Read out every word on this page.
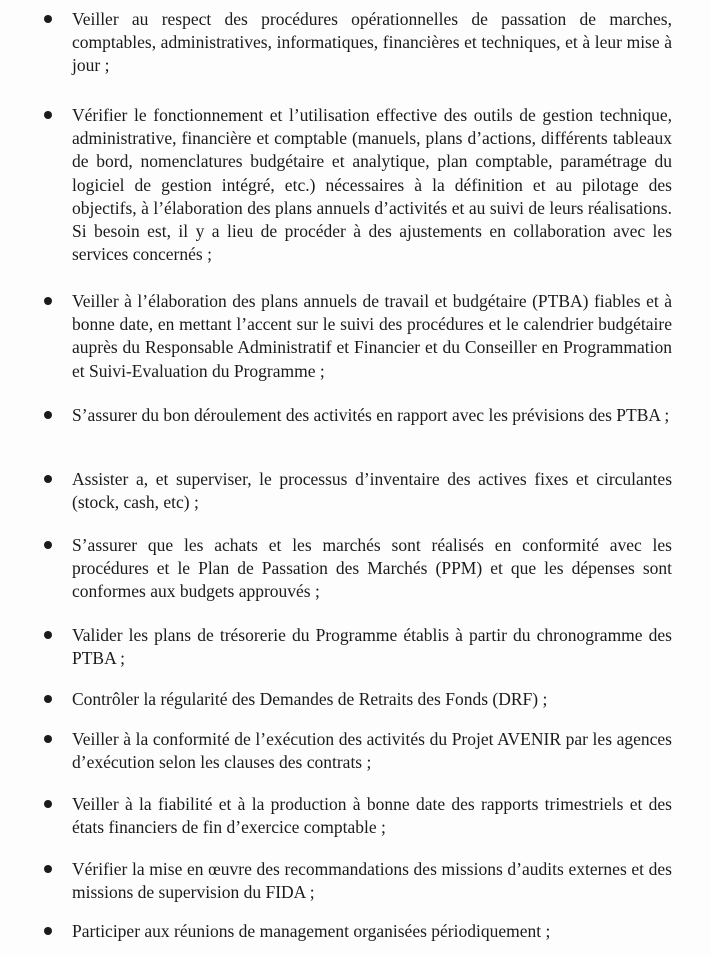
Veiller au respect des procédures opérationnelles de passation de marches, comptables, administratives, informatiques, financières et techniques, et à leur mise à jour ;
Vérifier le fonctionnement et l’utilisation effective des outils de gestion technique, administrative, financière et comptable (manuels, plans d’actions, différents tableaux de bord, nomenclatures budgétaire et analytique, plan comptable, paramétrage du logiciel de gestion intégré, etc.) nécessaires à la définition et au pilotage des objectifs, à l’élaboration des plans annuels d’activités et au suivi de leurs réalisations. Si besoin est, il y a lieu de procéder à des ajustements en collaboration avec les services concernés ;
Veiller à l’élaboration des plans annuels de travail et budgétaire (PTBA) fiables et à bonne date, en mettant l’accent sur le suivi des procédures et le calendrier budgétaire auprès du Responsable Administratif et Financier et du Conseiller en Programmation et Suivi-Evaluation du Programme ;
S’assurer du bon déroulement des activités en rapport avec les prévisions des PTBA ;
Assister a, et superviser, le processus d’inventaire des actives fixes et circulantes (stock, cash, etc) ;
S’assurer que les achats et les marchés sont réalisés en conformité avec les procédures et le Plan de Passation des Marchés (PPM) et que les dépenses sont conformes aux budgets approuvés ;
Valider les plans de trésorerie du Programme établis à partir du chronogramme des PTBA ;
Contrôler la régularité des Demandes de Retraits des Fonds (DRF) ;
Veiller à la conformité de l’exécution des activités du Projet AVENIR par les agences d’exécution selon les clauses des contrats ;
Veiller à la fiabilité et à la production à bonne date des rapports trimestriels et des états financiers de fin d’exercice comptable ;
Vérifier la mise en œuvre des recommandations des missions d’audits externes et des missions de supervision du FIDA ;
Participer aux réunions de management organisées périodiquement ;
